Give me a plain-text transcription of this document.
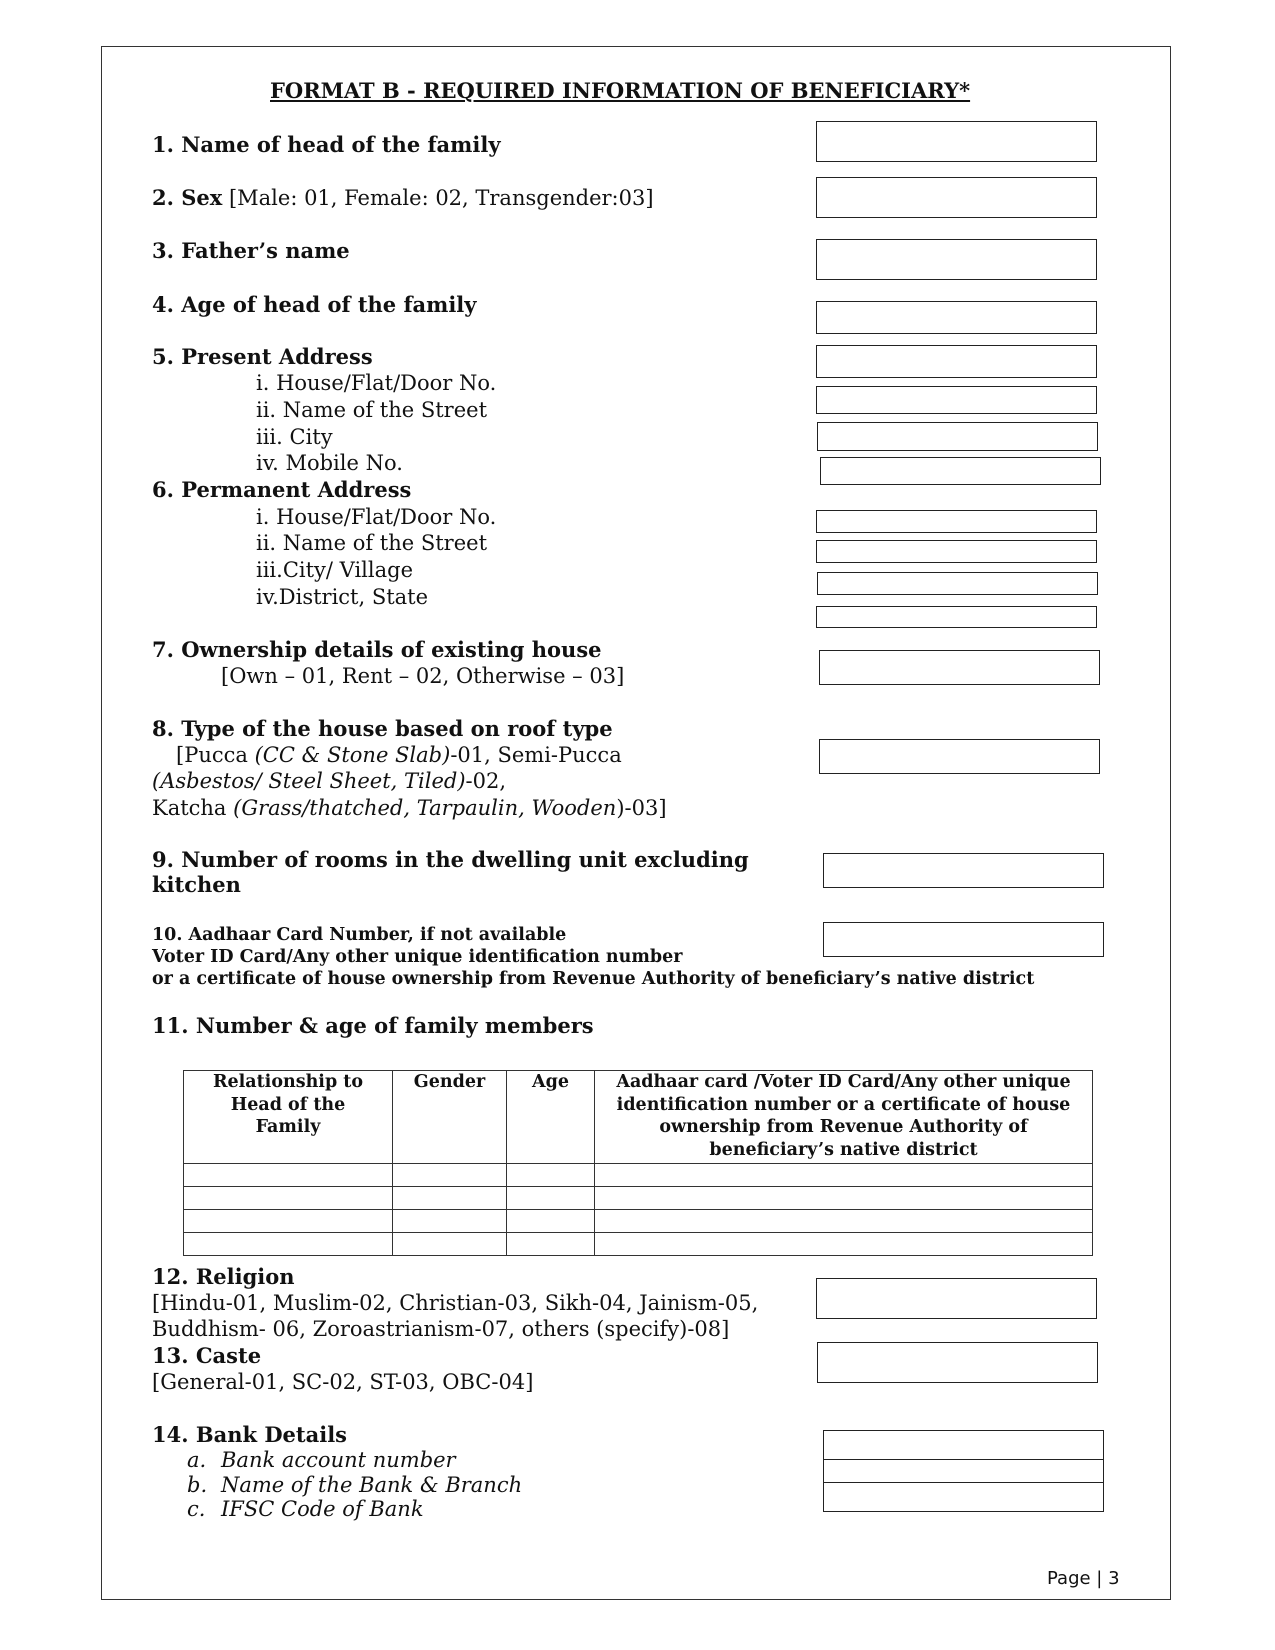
FORMAT B - REQUIRED INFORMATION OF BENEFICIARY*
1. Name of head of the family
2. Sex [Male: 01, Female: 02, Transgender:03]
3. Father’s name
4. Age of head of the family
5. Present Address
i. House/Flat/Door No.
ii. Name of the Street
iii. City
iv. Mobile No.
6. Permanent Address
i. House/Flat/Door No.
ii. Name of the Street
iii.City/ Village
iv.District, State
7. Ownership details of existing house
[Own – 01, Rent – 02, Otherwise – 03]
8. Type of the house based on roof type
[Pucca (CC & Stone Slab)-01, Semi-Pucca
(Asbestos/ Steel Sheet, Tiled)-02,
Katcha (Grass/thatched, Tarpaulin, Wooden)-03]
9. Number of rooms in the dwelling unit excluding
kitchen
10. Aadhaar Card Number, if not available
Voter ID Card/Any other unique identification number
or a certificate of house ownership from Revenue Authority of beneficiary’s native district
11. Number & age of family members
Relationship to Head of the Family	Gender	Age	Aadhaar card /Voter ID Card/Any other unique identification number or a certificate of house ownership from Revenue Authority of beneficiary’s native district

12. Religion
[Hindu-01, Muslim-02, Christian-03, Sikh-04, Jainism-05,
Buddhism- 06, Zoroastrianism-07, others (specify)-08]
13. Caste
[General-01, SC-02, ST-03, OBC-04]
14. Bank Details
a. Bank account number
b. Name of the Bank & Branch
c. IFSC Code of Bank
Page | 3
